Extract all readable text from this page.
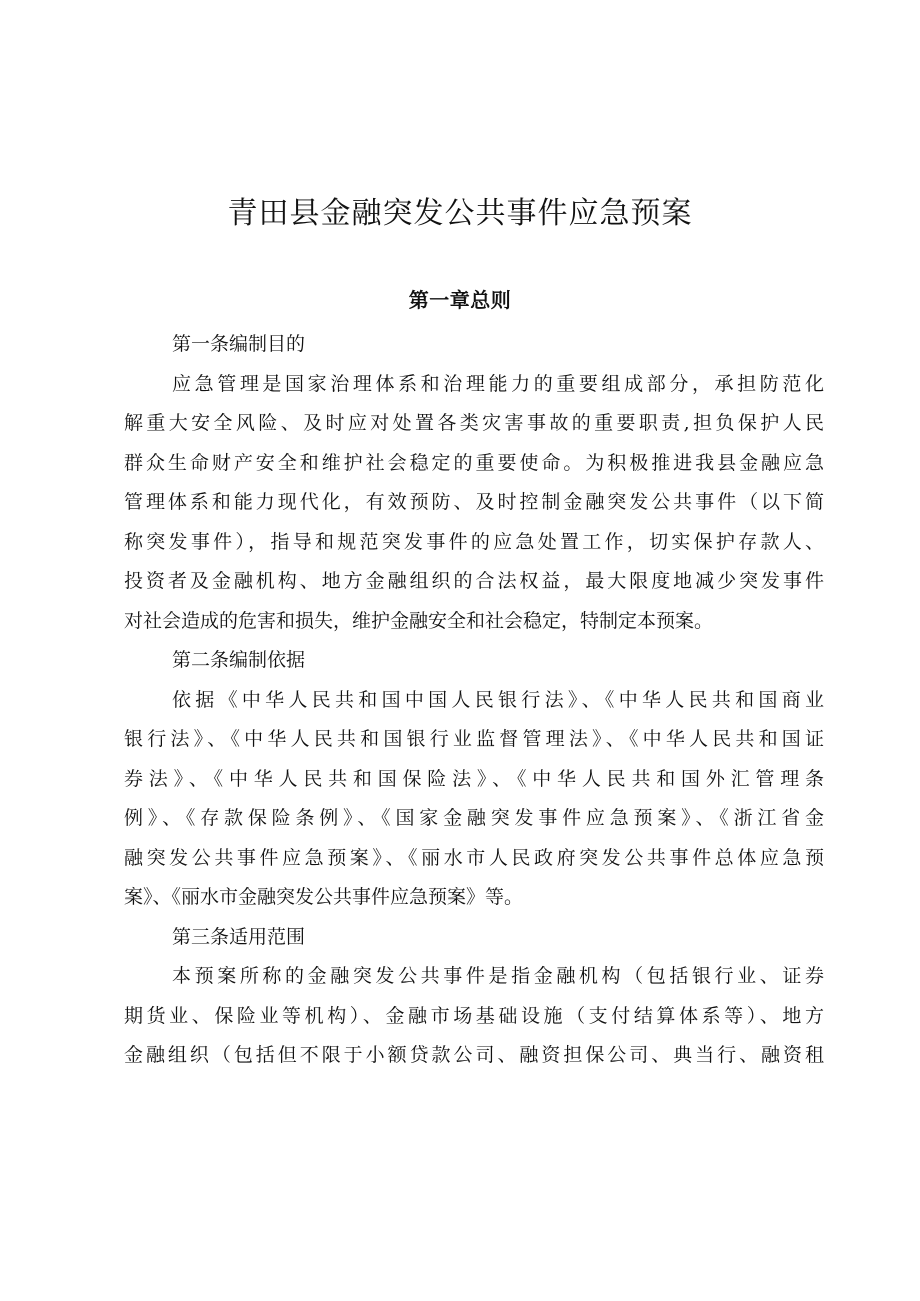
青田县金融突发公共事件应急预案
第一章总则
第一条编制目的
应急管理是国家治理体系和治理能力的重要组成部分，承担防范化
解重大安全风险、及时应对处置各类灾害事故的重要职责,担负保护人民
群众生命财产安全和维护社会稳定的重要使命。为积极推进我县金融应急
管理体系和能力现代化，有效预防、及时控制金融突发公共事件（以下简
称突发事件），指导和规范突发事件的应急处置工作，切实保护存款人、
投资者及金融机构、地方金融组织的合法权益，最大限度地减少突发事件
对社会造成的危害和损失，维护金融安全和社会稳定，特制定本预案。
第二条编制依据
依据《中华人民共和国中国人民银行法》、《中华人民共和国商业
银行法》、《中华人民共和国银行业监督管理法》、《中华人民共和国证
券法》、《中华人民共和国保险法》、《中华人民共和国外汇管理条
例》、《存款保险条例》、《国家金融突发事件应急预案》、《浙江省金
融突发公共事件应急预案》、《丽水市人民政府突发公共事件总体应急预
案》、《丽水市金融突发公共事件应急预案》等。
第三条适用范围
本预案所称的金融突发公共事件是指金融机构（包括银行业、证券
期货业、保险业等机构）、金融市场基础设施（支付结算体系等）、地方
金融组织（包括但不限于小额贷款公司、融资担保公司、典当行、融资租
